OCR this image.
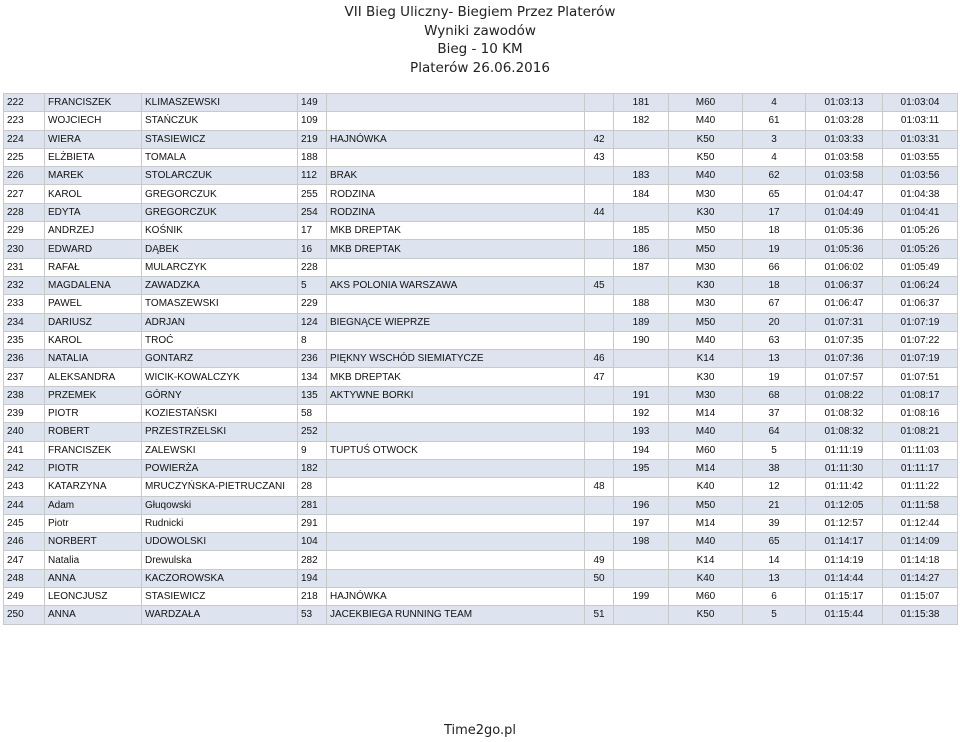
VII Bieg Uliczny- Biegiem Przez Platerów
Wyniki zawodów
Bieg - 10 KM
Platerów 26.06.2016
222	FRANCISZEK	KLIMASZEWSKI	149			181	M60	4	01:03:13	01:03:04
223	WOJCIECH	STAŃCZUK	109			182	M40	61	01:03:28	01:03:11
224	WIERA	STASIEWICZ	219	HAJNÓWKA	42		K50	3	01:03:33	01:03:31
225	ELŻBIETA	TOMALA	188		43		K50	4	01:03:58	01:03:55
226	MAREK	STOLARCZUK	112	BRAK		183	M40	62	01:03:58	01:03:56
227	KAROL	GREGORCZUK	255	RODZINA		184	M30	65	01:04:47	01:04:38
228	EDYTA	GREGORCZUK	254	RODZINA	44		K30	17	01:04:49	01:04:41
229	ANDRZEJ	KOŚNIK	17	MKB DREPTAK		185	M50	18	01:05:36	01:05:26
230	EDWARD	DĄBEK	16	MKB DREPTAK		186	M50	19	01:05:36	01:05:26
231	RAFAŁ	MULARCZYK	228			187	M30	66	01:06:02	01:05:49
232	MAGDALENA	ZAWADZKA	5	AKS POLONIA WARSZAWA	45		K30	18	01:06:37	01:06:24
233	PAWEL	TOMASZEWSKI	229			188	M30	67	01:06:47	01:06:37
234	DARIUSZ	ADRJAN	124	BIEGNĄCE WIEPRZE		189	M50	20	01:07:31	01:07:19
235	KAROL	TROĆ	8			190	M40	63	01:07:35	01:07:22
236	NATALIA	GONTARZ	236	PIĘKNY WSCHÓD SIEMIATYCZE	46		K14	13	01:07:36	01:07:19
237	ALEKSANDRA	WICIK-KOWALCZYK	134	MKB DREPTAK	47		K30	19	01:07:57	01:07:51
238	PRZEMEK	GÓRNY	135	AKTYWNE BORKI		191	M30	68	01:08:22	01:08:17
239	PIOTR	KOZIESTAŃSKI	58			192	M14	37	01:08:32	01:08:16
240	ROBERT	PRZESTRZELSKI	252			193	M40	64	01:08:32	01:08:21
241	FRANCISZEK	ZALEWSKI	9	TUPTUŚ OTWOCK		194	M60	5	01:11:19	01:11:03
242	PIOTR	POWIERŻA	182			195	M14	38	01:11:30	01:11:17
243	KATARZYNA	MRUCZYŃSKA-PIETRUCZANI	28		48		K40	12	01:11:42	01:11:22
244	Adam	Głuqowski	281			196	M50	21	01:12:05	01:11:58
245	Piotr	Rudnicki	291			197	M14	39	01:12:57	01:12:44
246	NORBERT	UDOWOLSKI	104			198	M40	65	01:14:17	01:14:09
247	Natalia	Drewulska	282		49		K14	14	01:14:19	01:14:18
248	ANNA	KACZOROWSKA	194		50		K40	13	01:14:44	01:14:27
249	LEONCJUSZ	STASIEWICZ	218	HAJNÓWKA		199	M60	6	01:15:17	01:15:07
250	ANNA	WARDZAŁA	53	JACEKBIEGA RUNNING TEAM	51		K50	5	01:15:44	01:15:38
Time2go.pl
